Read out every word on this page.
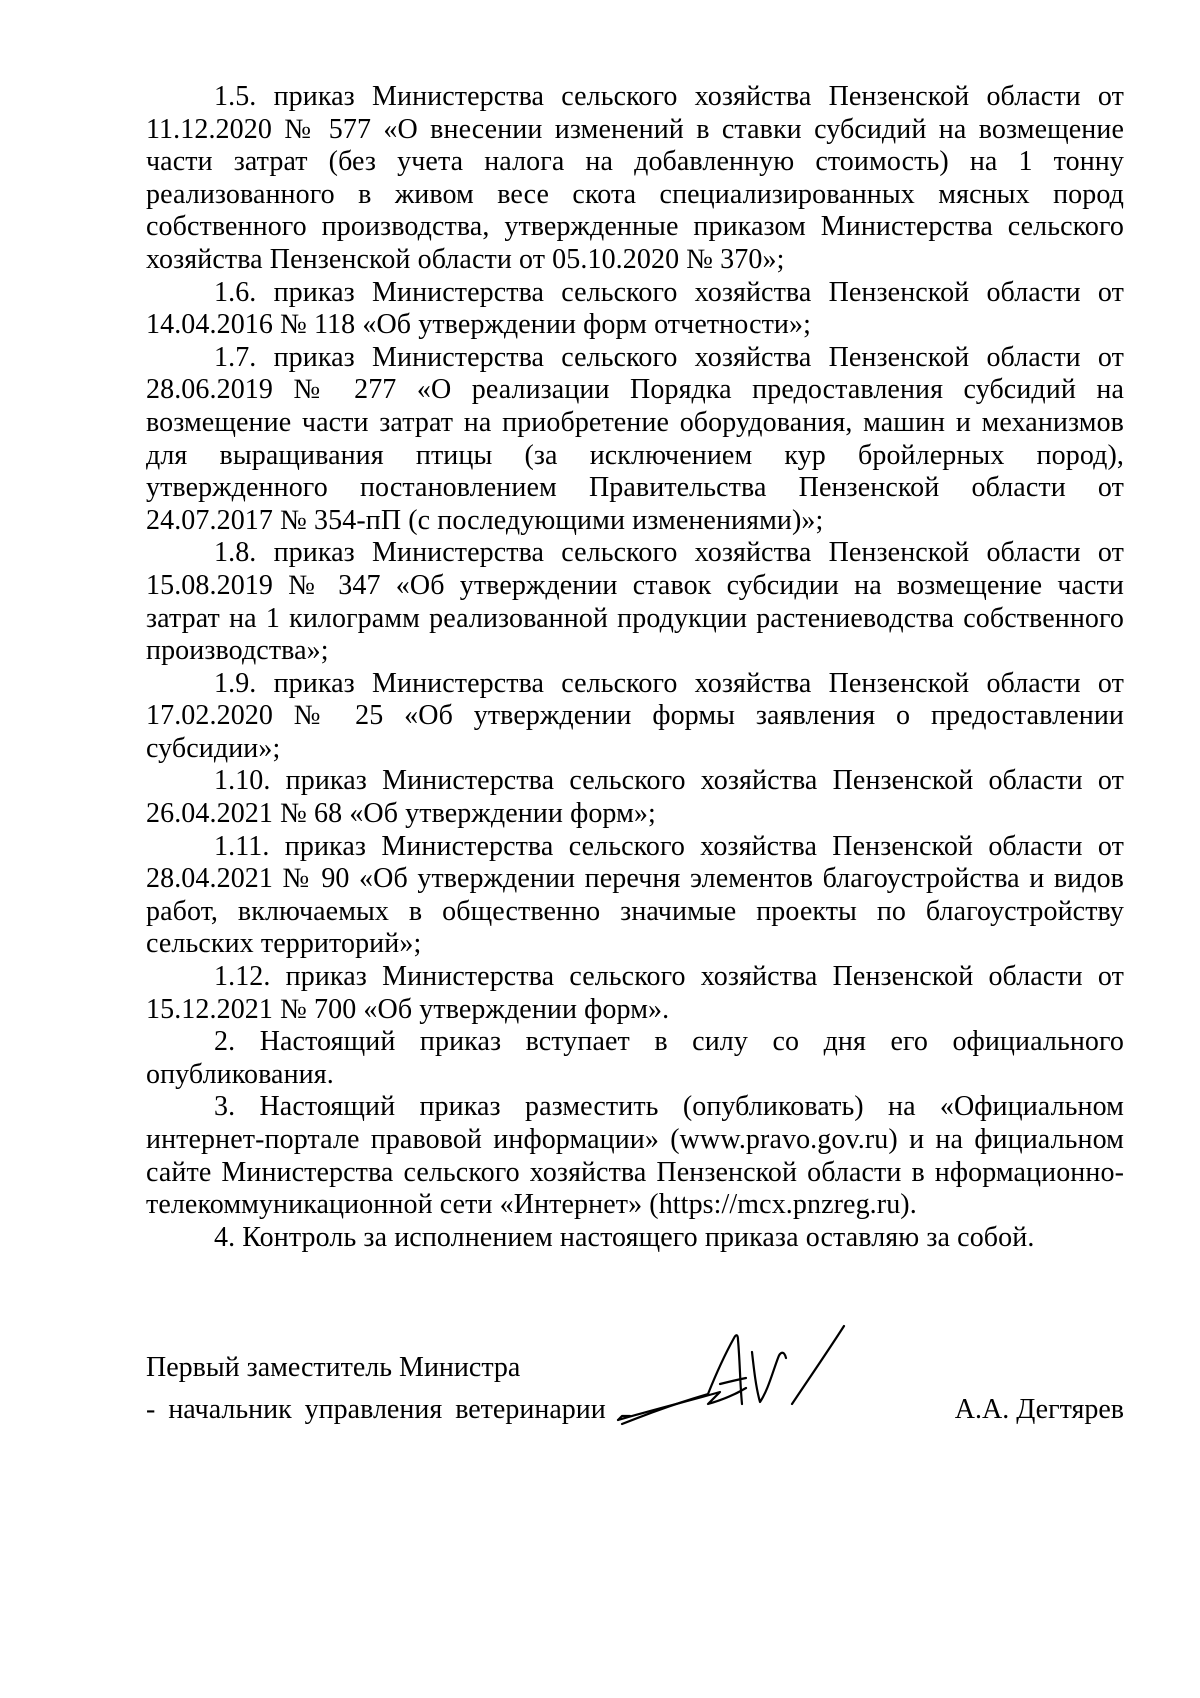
1.5. приказ Министерства сельского хозяйства Пензенской области от 11.12.2020 № 577 «О внесении изменений в ставки субсидий на возмещение части затрат (без учета налога на добавленную стоимость) на 1 тонну реализованного в живом весе скота специализированных мясных пород собственного производства, утвержденные приказом Министерства сельского хозяйства Пензенской области от 05.10.2020 № 370»;

1.6. приказ Министерства сельского хозяйства Пензенской области от 14.04.2016 № 118 «Об утверждении форм отчетности»;

1.7. приказ Министерства сельского хозяйства Пензенской области от 28.06.2019 № 277 «О реализации Порядка предоставления субсидий на возмещение части затрат на приобретение оборудования, машин и механизмов для выращивания птицы (за исключением кур бройлерных пород), утвержденного постановлением Правительства Пензенской области от 24.07.2017 № 354-пП (с последующими изменениями)»;

1.8. приказ Министерства сельского хозяйства Пензенской области от 15.08.2019 № 347 «Об утверждении ставок субсидии на возмещение части затрат на 1 килограмм реализованной продукции растениеводства собственного производства»;

1.9. приказ Министерства сельского хозяйства Пензенской области от 17.02.2020 № 25 «Об утверждении формы заявления о предоставлении субсидии»;

1.10. приказ Министерства сельского хозяйства Пензенской области от 26.04.2021 № 68 «Об утверждении форм»;

1.11. приказ Министерства сельского хозяйства Пензенской области от 28.04.2021 № 90 «Об утверждении перечня элементов благоустройства и видов работ, включаемых в общественно значимые проекты по благоустройству сельских территорий»;

1.12. приказ Министерства сельского хозяйства Пензенской области от 15.12.2021 № 700 «Об утверждении форм».

2. Настоящий приказ вступает в силу со дня его официального опубликования.

3. Настоящий приказ разместить (опубликовать) на «Официальном интернет-портале правовой информации» (www.pravo.gov.ru) и на фициальном сайте Министерства сельского хозяйства Пензенской области в нформационно-телекоммуникационной сети «Интернет» (https://mcx.pnzreg.ru).

4. Контроль за исполнением настоящего приказа оставляю за собой.

Первый заместитель Министра
- начальник управления ветеринарии	А.А. Дегтярев
